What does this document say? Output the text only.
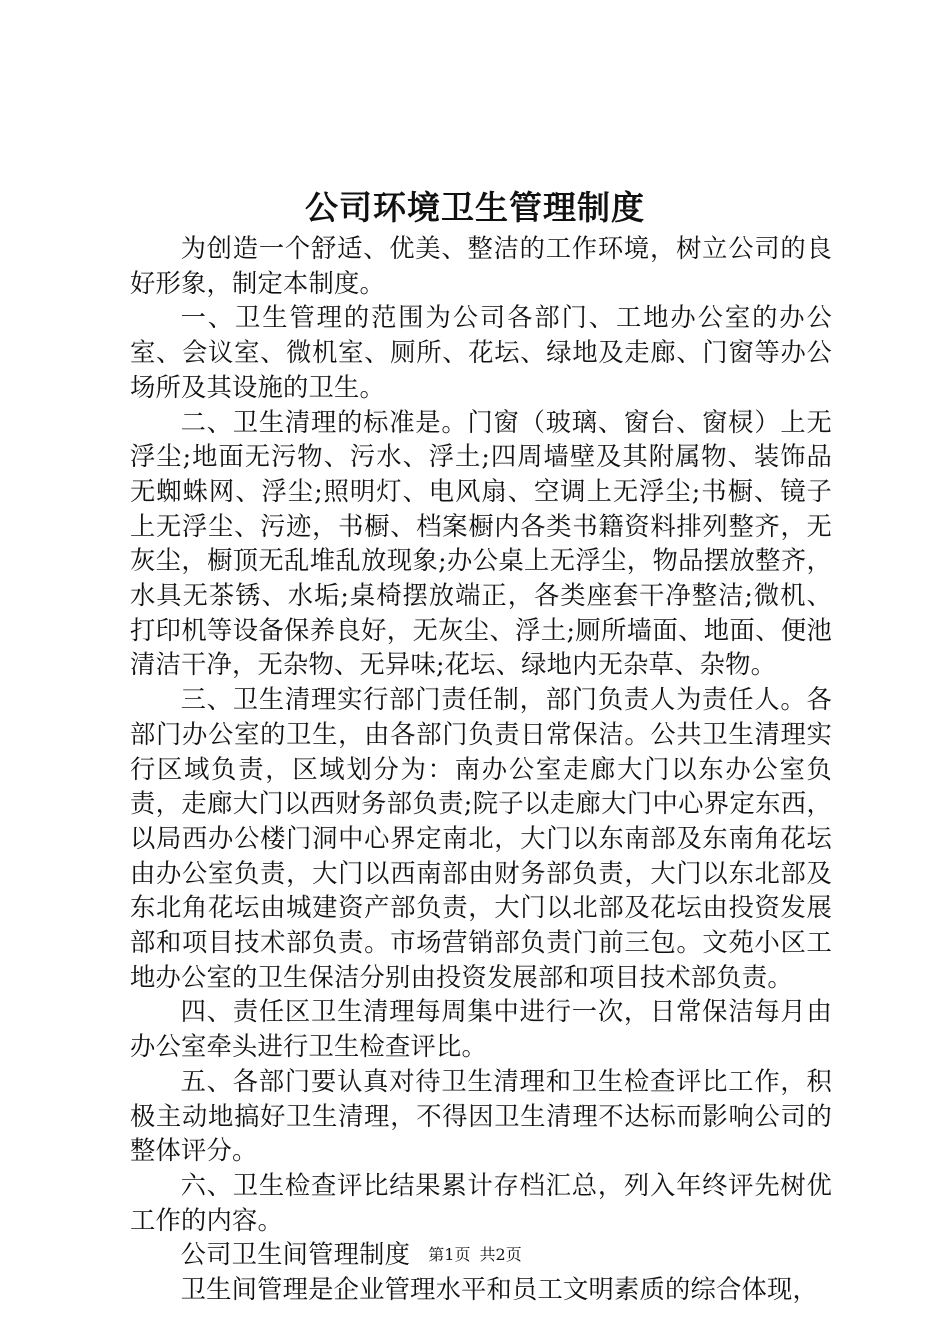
公司环境卫生管理制度

为创造一个舒适、优美、整洁的工作环境，树立公司的良好形象，制定本制度。

一、卫生管理的范围为公司各部门、工地办公室的办公室、会议室、微机室、厕所、花坛、绿地及走廊、门窗等办公场所及其设施的卫生。

二、卫生清理的标准是。门窗（玻璃、窗台、窗棂）上无浮尘;地面无污物、污水、浮土;四周墙壁及其附属物、装饰品无蜘蛛网、浮尘;照明灯、电风扇、空调上无浮尘;书橱、镜子上无浮尘、污迹，书橱、档案橱内各类书籍资料排列整齐，无灰尘，橱顶无乱堆乱放现象;办公桌上无浮尘，物品摆放整齐，水具无茶锈、水垢;桌椅摆放端正，各类座套干净整洁;微机、打印机等设备保养良好，无灰尘、浮土;厕所墙面、地面、便池清洁干净，无杂物、无异味;花坛、绿地内无杂草、杂物。

三、卫生清理实行部门责任制，部门负责人为责任人。各部门办公室的卫生，由各部门负责日常保洁。公共卫生清理实行区域负责，区域划分为：南办公室走廊大门以东办公室负责，走廊大门以西财务部负责;院子以走廊大门中心界定东西，以局西办公楼门洞中心界定南北，大门以东南部及东南角花坛由办公室负责，大门以西南部由财务部负责，大门以东北部及东北角花坛由城建资产部负责，大门以北部及花坛由投资发展部和项目技术部负责。市场营销部负责门前三包。文苑小区工地办公室的卫生保洁分别由投资发展部和项目技术部负责。

四、责任区卫生清理每周集中进行一次，日常保洁每月由办公室牵头进行卫生检查评比。

五、各部门要认真对待卫生清理和卫生检查评比工作，积极主动地搞好卫生清理，不得因卫生清理不达标而影响公司的整体评分。

六、卫生检查评比结果累计存档汇总，列入年终评先树优工作的内容。

公司卫生间管理制度

卫生间管理是企业管理水平和员工文明素质的综合体现，

第1页 共2页
